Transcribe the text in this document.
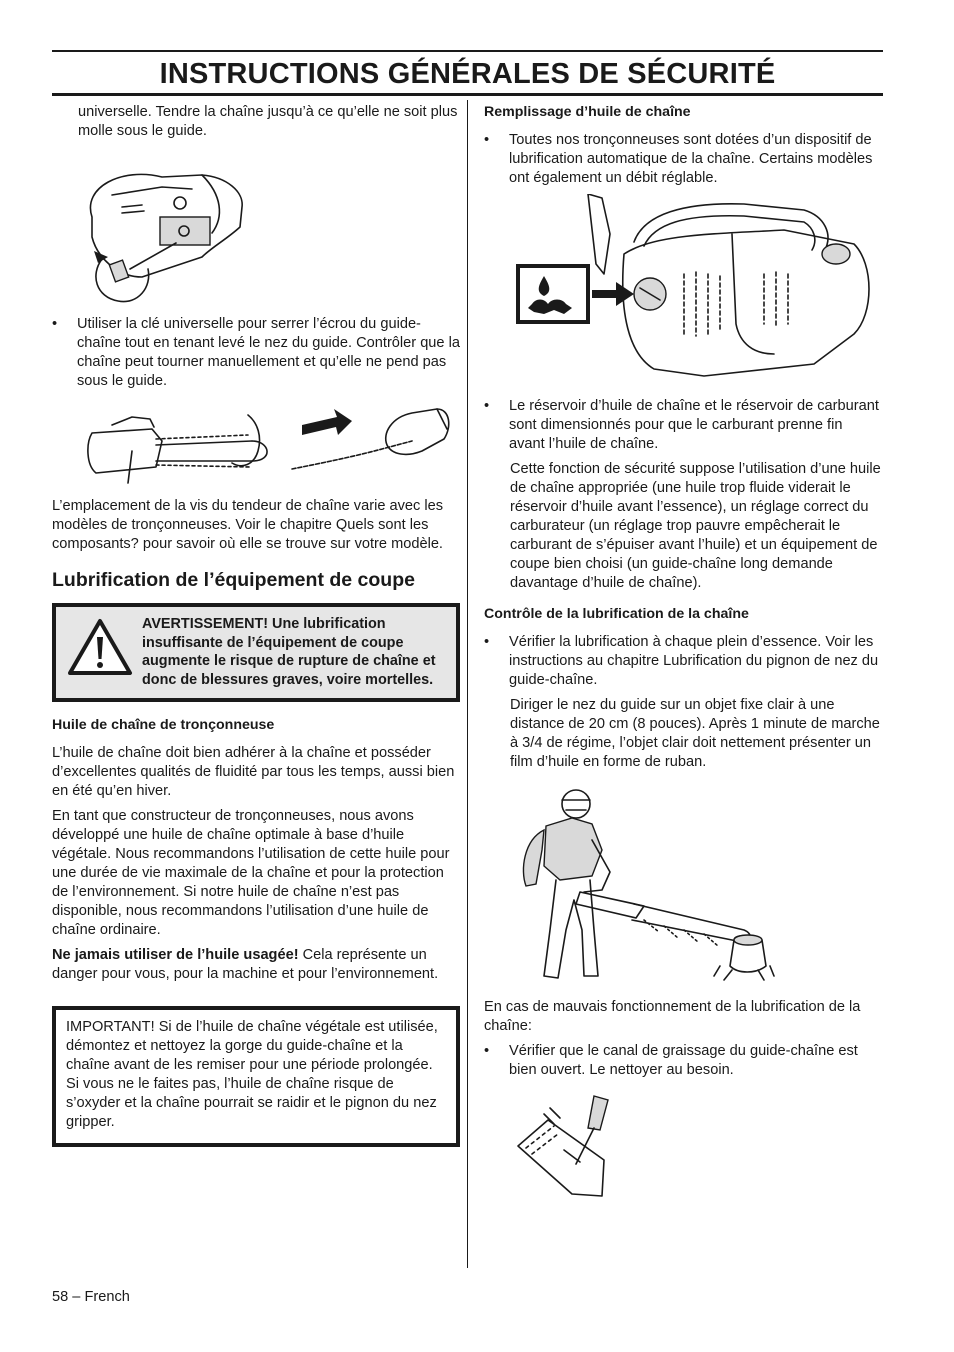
INSTRUCTIONS GÉNÉRALES DE SÉCURITÉ

universelle. Tendre la chaîne jusqu’à ce qu’elle ne soit plus molle sous le guide.

• Utiliser la clé universelle pour serrer l’écrou du guide-chaîne tout en tenant levé le nez du guide. Contrôler que la chaîne peut tourner manuellement et qu’elle ne pend pas sous le guide.

L’emplacement de la vis du tendeur de chaîne varie avec les modèles de tronçonneuses. Voir le chapitre Quels sont les composants? pour savoir où elle se trouve sur votre modèle.

Lubrification de l’équipement de coupe
AVERTISSEMENT! Une lubrification insuffisante de l’équipement de coupe augmente le risque de rupture de chaîne et donc de blessures graves, voire mortelles.
Huile de chaîne de tronçonneuse

L’huile de chaîne doit bien adhérer à la chaîne et posséder d’excellentes qualités de fluidité par tous les temps, aussi bien en été qu’en hiver.

En tant que constructeur de tronçonneuses, nous avons développé une huile de chaîne optimale à base d’huile végétale. Nous recommandons l’utilisation de cette huile pour une durée de vie maximale de la chaîne et pour la protection de l’environnement. Si notre huile de chaîne n’est pas disponible, nous recommandons l’utilisation d’une huile de chaîne ordinaire.

Ne jamais utiliser de l’huile usagée! Cela représente un danger pour vous, pour la machine et pour l’environnement.

IMPORTANT! Si de l’huile de chaîne végétale est utilisée, démontez et nettoyez la gorge du guide-chaîne et la chaîne avant de les remiser pour une période prolongée. Si vous ne le faites pas, l’huile de chaîne risque de s’oxyder et la chaîne pourrait se raidir et le pignon du nez gripper.
Remplissage d’huile de chaîne
• Toutes nos tronçonneuses sont dotées d’un dispositif de lubrification automatique de la chaîne. Certains modèles ont également un débit réglable.
• Le réservoir d’huile de chaîne et le réservoir de carburant sont dimensionnés pour que le carburant prenne fin avant l’huile de chaîne.

Cette fonction de sécurité suppose l’utilisation d’une huile de chaîne appropriée (une huile trop fluide viderait le réservoir d’huile avant l’essence), un réglage correct du carburateur (un réglage trop pauvre empêcherait le carburant de s’épuiser avant l’huile) et un équipement de coupe bien choisi (un guide-chaîne long demande davantage d’huile de chaîne).

Contrôle de la lubrification de la chaîne
• Vérifier la lubrification à chaque plein d’essence. Voir les instructions au chapitre Lubrification du pignon de nez du guide-chaîne.

Diriger le nez du guide sur un objet fixe clair à une distance de 20 cm (8 pouces). Après 1 minute de marche à 3/4 de régime, l’objet clair doit nettement présenter un film d’huile en forme de ruban.

En cas de mauvais fonctionnement de la lubrification de la chaîne:

• Vérifier que le canal de graissage du guide-chaîne est bien ouvert. Le nettoyer au besoin.
58 – French
